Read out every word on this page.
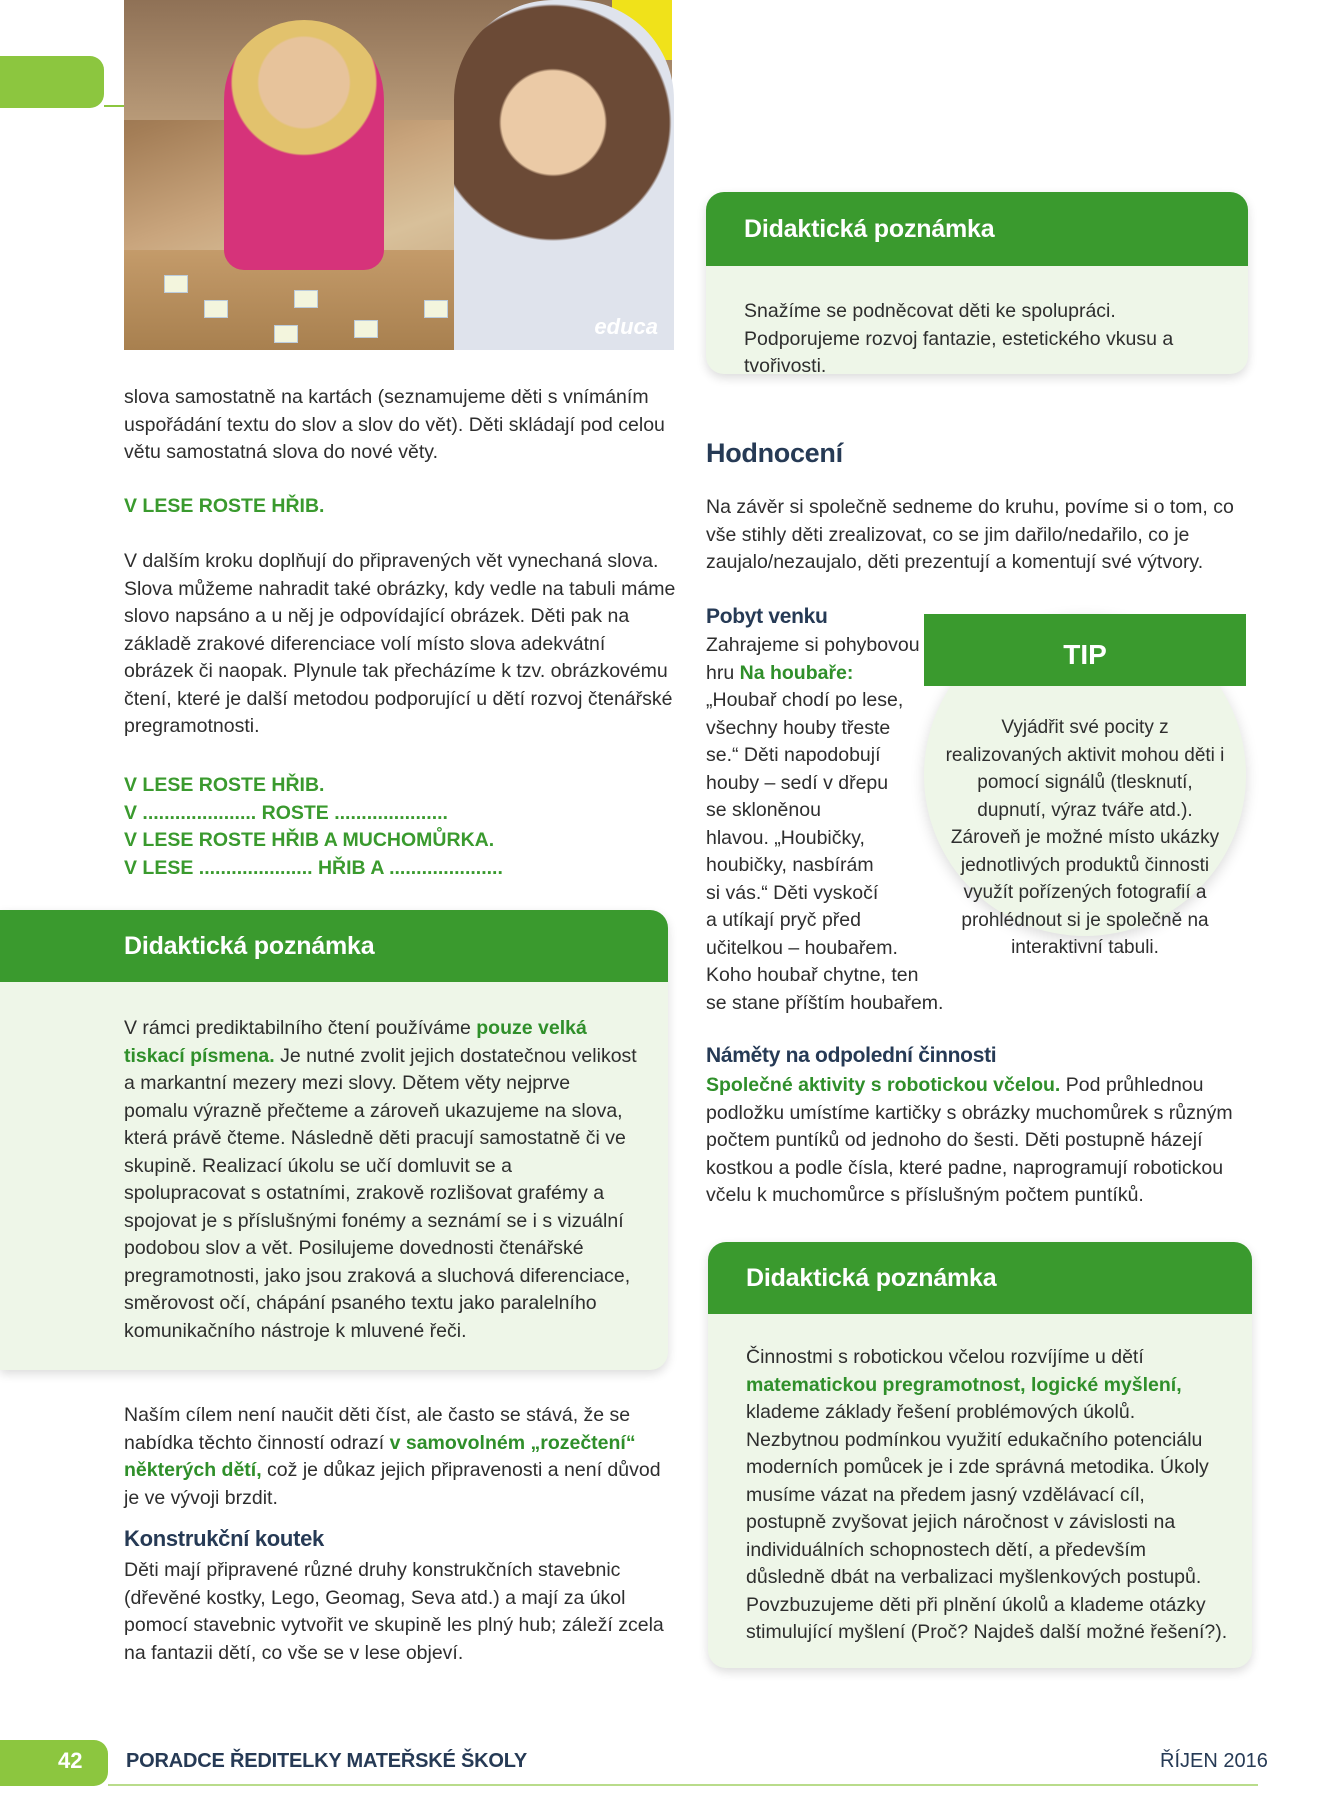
educa
slova samostatně na kartách (seznamujeme děti s vnímáním uspořádání textu do slov a slov do vět). Děti skládají pod celou větu samostatná slova do nové věty.
V LESE ROSTE HŘIB.
V dalším kroku doplňují do připravených vět vynechaná slova. Slova můžeme nahradit také obrázky, kdy vedle na tabuli máme slovo napsáno a u něj je odpovídající obrázek. Děti pak na základě zrakové diferenciace volí místo slova adekvátní obrázek či naopak. Plynule tak přecházíme k tzv. obrázkovému čtení, které je další metodou podporující u dětí rozvoj čtenářské pregramotnosti.
V LESE ROSTE HŘIB.
V ..................... ROSTE .....................
V LESE ROSTE HŘIB A MUCHOMŮRKA.
V LESE ..................... HŘIB A .....................
Didaktická poznámka
V rámci prediktabilního čtení používáme pouze velká tiskací písmena. Je nutné zvolit jejich dostatečnou velikost a markantní mezery mezi slovy. Dětem věty nejprve pomalu výrazně přečteme a zároveň ukazujeme na slova, která právě čteme. Následně děti pracují samostatně či ve skupině. Realizací úkolu se učí domluvit se a spolupracovat s ostatními, zrakově rozlišovat grafémy a spojovat je s příslušnými fonémy a seznámí se i s vizuální podobou slov a vět. Posilujeme dovednosti čtenářské pregramotnosti, jako jsou zraková a sluchová diferenciace, směrovost očí, chápání psaného textu jako paralelního komunikačního nástroje k mluvené řeči.
Naším cílem není naučit děti číst, ale často se stává, že se nabídka těchto činností odrazí v samovolném „rozečtení“ některých dětí, což je důkaz jejich připravenosti a není důvod je ve vývoji brzdit.
Konstrukční koutek
Děti mají připravené různé druhy konstrukčních stavebnic (dřevěné kostky, Lego, Geomag, Seva atd.) a mají za úkol pomocí stavebnic vytvořit ve skupině les plný hub; záleží zcela na fantazii dětí, co vše se v lese objeví.
Didaktická poznámka
Snažíme se podněcovat děti ke spolupráci. Podporujeme rozvoj fantazie, estetického vkusu a tvořivosti.
Hodnocení
Na závěr si společně sedneme do kruhu, povíme si o tom, co vše stihly děti zrealizovat, co se jim dařilo/nedařilo, co je zaujalo/nezaujalo, děti prezentují a komentují své výtvory.
Pobyt venku
Zahrajeme si pohybovou
hru Na houbaře:
„Houbař chodí po lese,
všechny houby třeste
se.“ Děti napodobují
houby – sedí v dřepu
se skloněnou
hlavou. „Houbičky,
houbičky, nasbírám
si vás.“ Děti vyskočí
a utíkají pryč před
učitelkou – houbařem.
Koho houbař chytne, ten
se stane příštím houbařem.
TIP
Vyjádřit své pocity z realizovaných aktivit mohou děti i pomocí signálů (tlesknutí, dupnutí, výraz tváře atd.). Zároveň je možné místo ukázky jednotlivých produktů činnosti využít pořízených fotografií a prohlédnout si je společně na interaktivní tabuli.
Náměty na odpolední činnosti
Společné aktivity s robotickou včelou. Pod průhlednou podložku umístíme kartičky s obrázky muchomůrek s různým počtem puntíků od jednoho do šesti. Děti postupně házejí kostkou a podle čísla, které padne, naprogramují robotickou včelu k muchomůrce s příslušným počtem puntíků.
Didaktická poznámka
Činnostmi s robotickou včelou rozvíjíme u dětí matematickou pregramotnost, logické myšlení, klademe základy řešení problémových úkolů. Nezbytnou podmínkou využití edukačního potenciálu moderních pomůcek je i zde správná metodika. Úkoly musíme vázat na předem jasný vzdělávací cíl, postupně zvyšovat jejich náročnost v závislosti na individuálních schopnostech dětí, a především důsledně dbát na verbalizaci myšlenkových postupů. Povzbuzujeme děti při plnění úkolů a klademe otázky stimulující myšlení (Proč? Najdeš další možné řešení?).
42 PORADCE ŘEDITELKY MATEŘSKÉ ŠKOLY	ŘÍJEN 2016
